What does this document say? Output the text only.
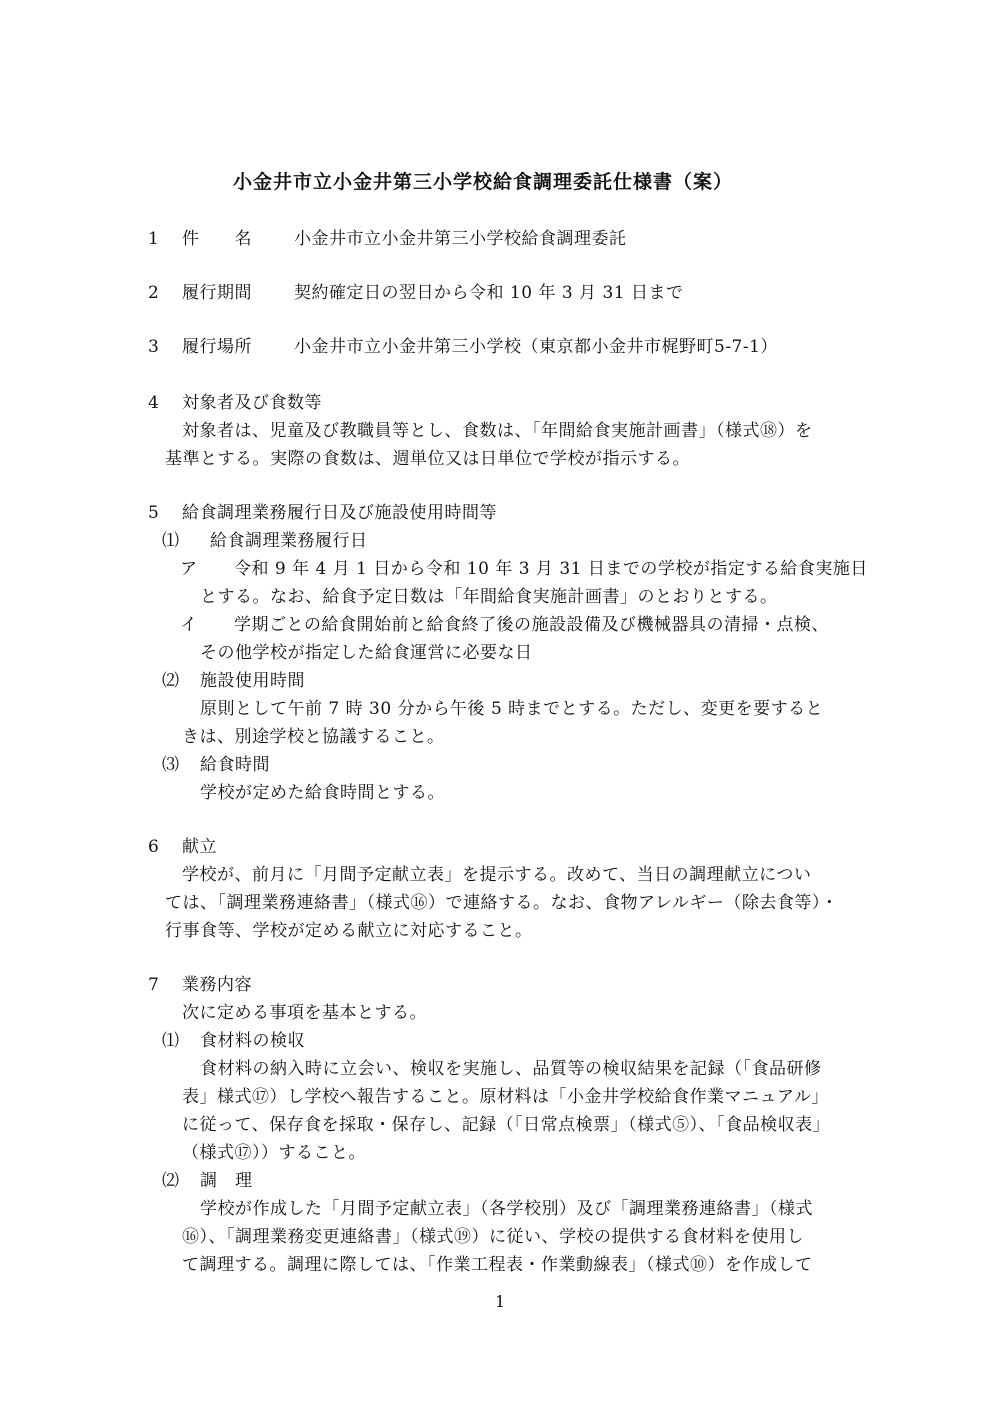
小金井市立小金井第三小学校給食調理委託仕様書（案）
1 件　　名 小金井市立小金井第三小学校給食調理委託
2 履行期間 契約確定日の翌日から令和 10 年 3 月 31 日まで
3 履行場所 小金井市立小金井第三小学校（東京都小金井市梶野町5-7-1）
4 対象者及び食数等
対象者は、児童及び教職員等とし、食数は、「年間給食実施計画書」（様式⑱）を
基準とする。実際の食数は、週単位又は日単位で学校が指示する。
5 給食調理業務履行日及び施設使用時間等
⑴ 給食調理業務履行日
ア 令和 9 年 4 月 1 日から令和 10 年 3 月 31 日までの学校が指定する給食実施日
とする。なお、給食予定日数は「年間給食実施計画書」のとおりとする。
イ 学期ごとの給食開始前と給食終了後の施設設備及び機械器具の清掃・点検、
その他学校が指定した給食運営に必要な日
⑵ 施設使用時間
原則として午前 7 時 30 分から午後 5 時までとする。ただし、変更を要すると
きは、別途学校と協議すること。
⑶ 給食時間
学校が定めた給食時間とする。
6 献立
学校が、前月に「月間予定献立表」を提示する。改めて、当日の調理献立につい
ては、「調理業務連絡書」（様式⑯）で連絡する。なお、食物アレルギー（除去食等）・
行事食等、学校が定める献立に対応すること。
7 業務内容
次に定める事項を基本とする。
⑴ 食材料の検収
食材料の納入時に立会い、検収を実施し、品質等の検収結果を記録（「食品研修
表」様式⑰）し学校へ報告すること。原材料は「小金井学校給食作業マニュアル」
に従って、保存食を採取・保存し、記録（「日常点検票」（様式⑤）、「食品検収表」
（様式⑰））すること。
⑵ 調　理
学校が作成した「月間予定献立表」（各学校別）及び「調理業務連絡書」（様式
⑯）、「調理業務変更連絡書」（様式⑲）に従い、学校の提供する食材料を使用し
て調理する。調理に際しては、「作業工程表・作業動線表」（様式⑩）を作成して
1
